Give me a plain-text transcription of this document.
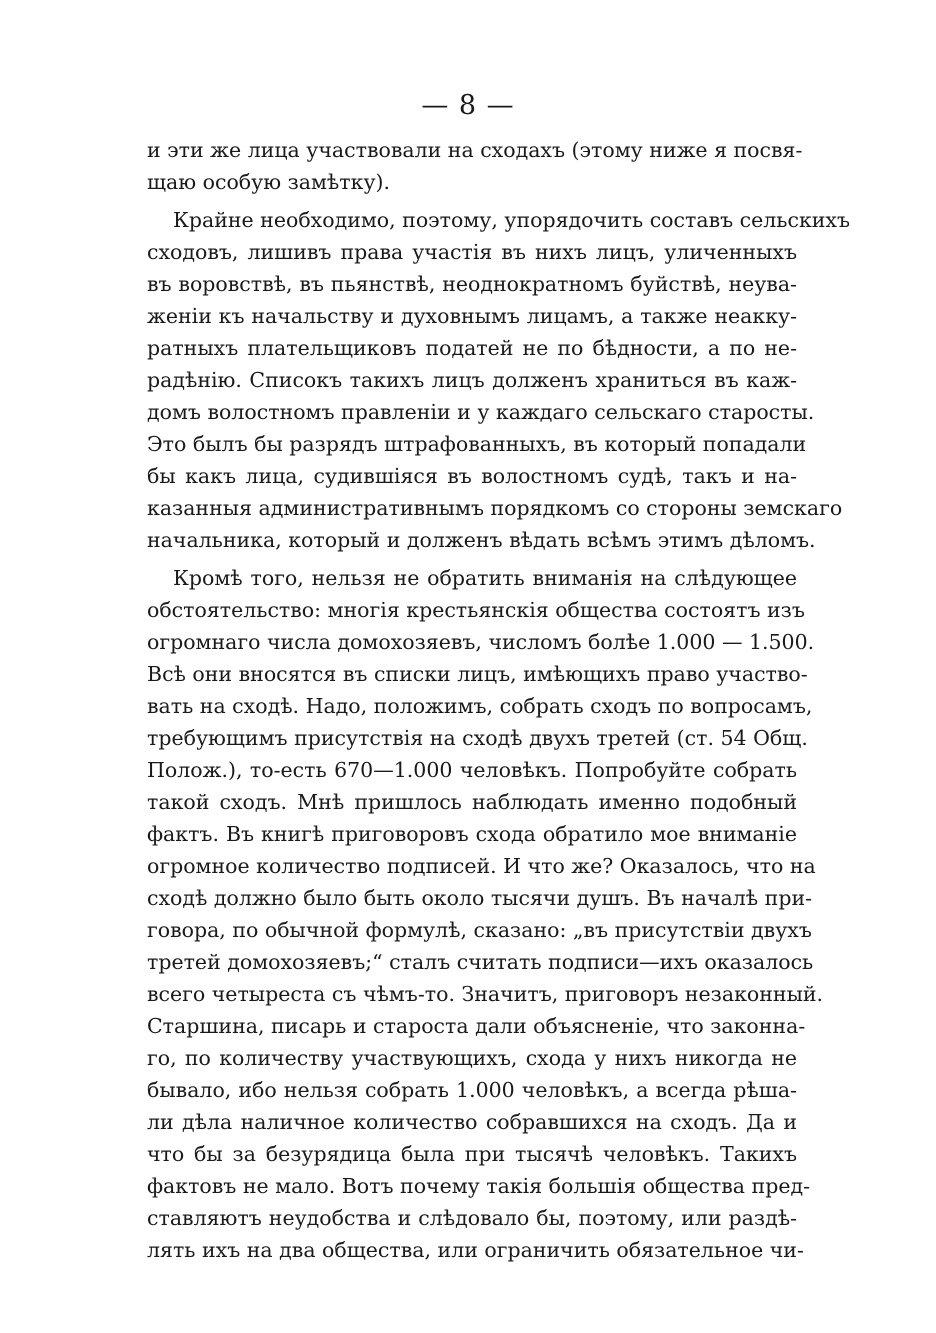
— 8 —
и эти же лица участвовали на сходахъ (этому ниже я посвя-
щаю особую замѣтку).
Крайне необходимо, поэтому, упорядочить составъ сельскихъ
сходовъ, лишивъ права участія въ нихъ лицъ, уличенныхъ
въ воровствѣ, въ пьянствѣ, неоднократномъ буйствѣ, неува-
женіи къ начальству и духовнымъ лицамъ, а также неакку-
ратныхъ плательщиковъ податей не по бѣдности, а по не-
радѣнію. Списокъ такихъ лицъ долженъ храниться въ каж-
домъ волостномъ правленіи и у каждаго сельскаго старосты.
Это былъ бы разрядъ штрафованныхъ, въ который попадали
бы какъ лица, судившіяся въ волостномъ судѣ, такъ и на-
казанныя административнымъ порядкомъ со стороны земскаго
начальника, который и долженъ вѣдать всѣмъ этимъ дѣломъ.
Кромѣ того, нельзя не обратить вниманія на слѣдующее
обстоятельство: многія крестьянскія общества состоятъ изъ
огромнаго числа домохозяевъ, числомъ болѣе 1.000 — 1.500.
Всѣ они вносятся въ списки лицъ, имѣющихъ право участво-
вать на сходѣ. Надо, положимъ, собрать сходъ по вопросамъ,
требующимъ присутствія на сходѣ двухъ третей (ст. 54 Общ.
Полож.), то-есть 670—1.000 человѣкъ. Попробуйте собрать
такой сходъ. Мнѣ пришлось наблюдать именно подобный
фактъ. Въ книгѣ приговоровъ схода обратило мое вниманіе
огромное количество подписей. И что же? Оказалось, что на
сходѣ должно было быть около тысячи душъ. Въ началѣ при-
говора, по обычной формулѣ, сказано: „въ присутствіи двухъ
третей домохозяевъ;“ сталъ считать подписи—ихъ оказалось
всего четыреста съ чѣмъ-то. Значитъ, приговоръ незаконный.
Старшина, писарь и староста дали объясненіе, что законна-
го, по количеству участвующихъ, схода у нихъ никогда не
бывало, ибо нельзя собрать 1.000 человѣкъ, а всегда рѣша-
ли дѣла наличное количество собравшихся на сходъ. Да и
что бы за безурядица была при тысячѣ человѣкъ. Такихъ
фактовъ не мало. Вотъ почему такія большія общества пред-
ставляютъ неудобства и слѣдовало бы, поэтому, или раздѣ-
лять ихъ на два общества, или ограничить обязательное чи-
